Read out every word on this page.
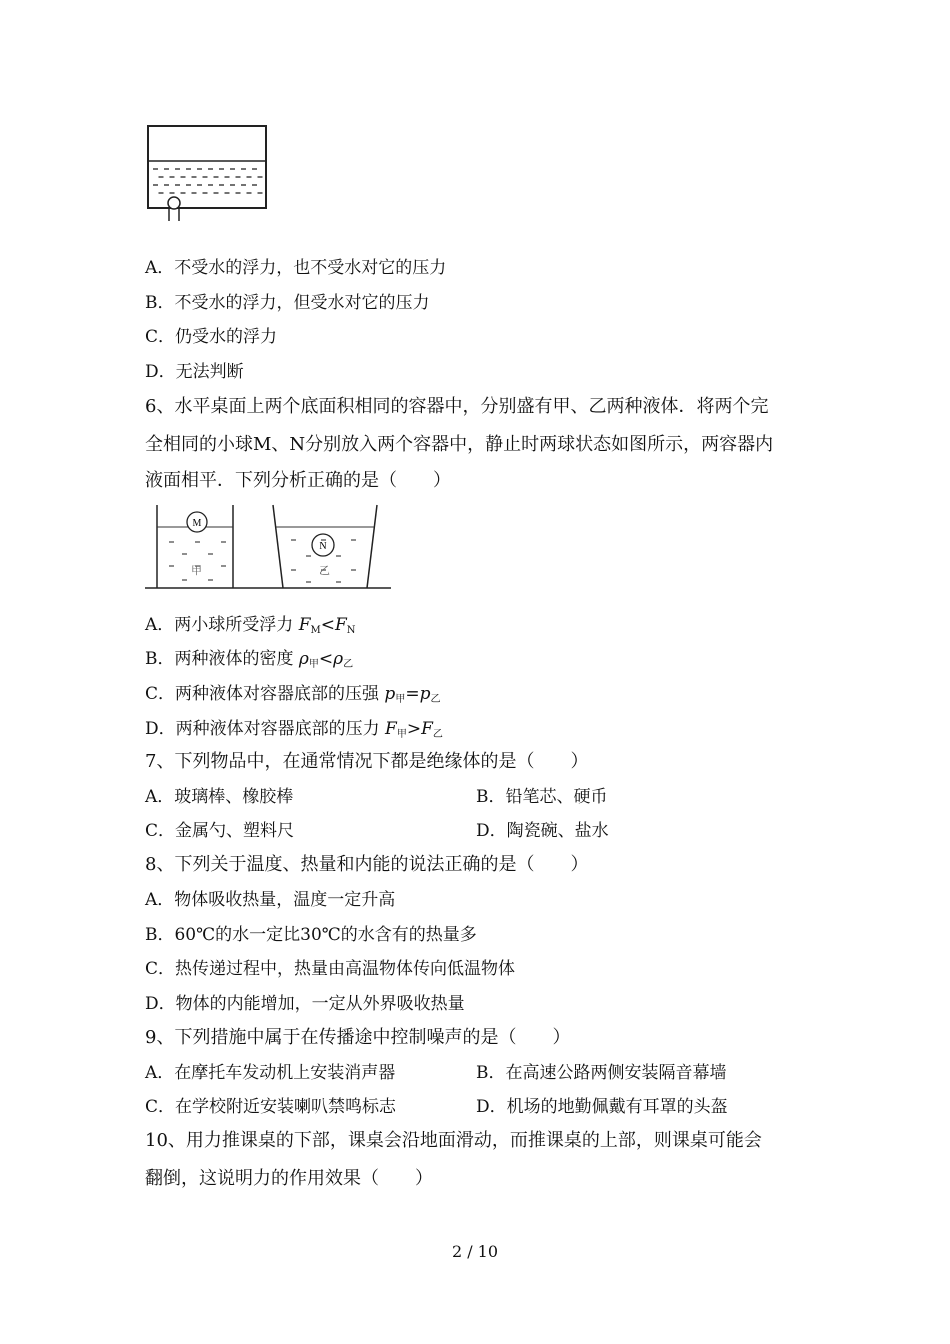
A．不受水的浮力，也不受水对它的压力
B．不受水的浮力，但受水对它的压力
C．仍受水的浮力
D．无法判断
6、水平桌面上两个底面积相同的容器中，分别盛有甲、乙两种液体．将两个完
全相同的小球M、N分别放入两个容器中，静止时两球状态如图所示，两容器内
液面相平．下列分析正确的是（　　）
M
甲
N
乙
A．两小球所受浮力 $F_M<F_N$
B．两种液体的密度 $\rho_甲<\rho_乙$
C．两种液体对容器底部的压强 $p_甲=p_乙$
D．两种液体对容器底部的压力 $F_甲>F_乙$
7、下列物品中，在通常情况下都是绝缘体的是（　　）
A．玻璃棒、橡胶棒	B．铅笔芯、硬币
C．金属勺、塑料尺	D．陶瓷碗、盐水
8、下列关于温度、热量和内能的说法正确的是（　　）
A．物体吸收热量，温度一定升高
B．60℃的水一定比30℃的水含有的热量多
C．热传递过程中，热量由高温物体传向低温物体
D．物体的内能增加，一定从外界吸收热量
9、下列措施中属于在传播途中控制噪声的是（　　）
A．在摩托车发动机上安装消声器	B．在高速公路两侧安装隔音幕墙
C．在学校附近安装喇叭禁鸣标志	D．机场的地勤佩戴有耳罩的头盔
10、用力推课桌的下部，课桌会沿地面滑动，而推课桌的上部，则课桌可能会
翻倒，这说明力的作用效果（　　）
2 / 10
